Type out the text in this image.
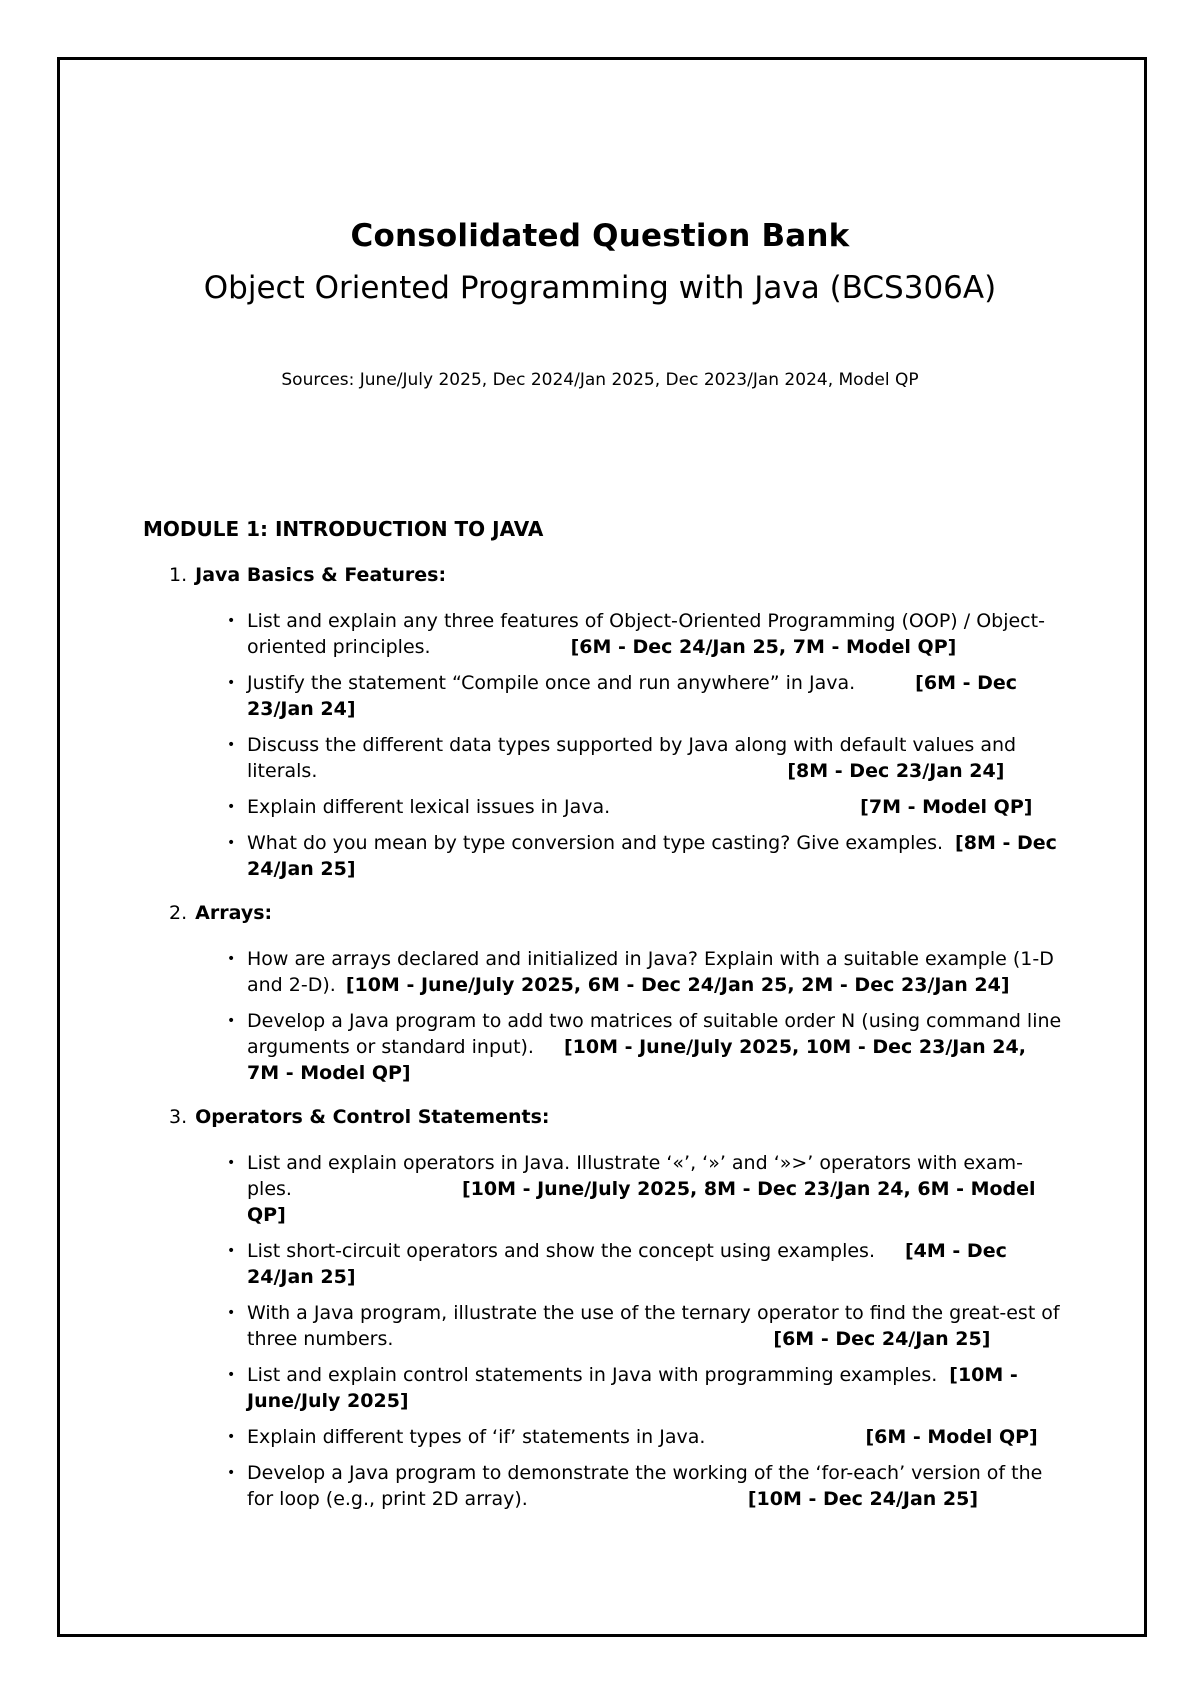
Consolidated Question Bank
Object Oriented Programming with Java (BCS306A)
Sources: June/July 2025, Dec 2024/Jan 2025, Dec 2023/Jan 2024, Model QP
MODULE 1: INTRODUCTION TO JAVA
1. Java Basics & Features:
• List and explain any three features of Object-Oriented Programming (OOP) / Object-oriented principles.	[6M - Dec 24/Jan 25, 7M - Model QP]
• Justify the statement “Compile once and run anywhere” in Java.	[6M - Dec 23/Jan 24]
• Discuss the different data types supported by Java along with default values and literals.	[8M - Dec 23/Jan 24]
• Explain different lexical issues in Java.	[7M - Model QP]
• What do you mean by type conversion and type casting? Give examples. [8M - Dec 24/Jan 25]
2. Arrays:
• How are arrays declared and initialized in Java? Explain with a suitable example (1-D and 2-D). [10M - June/July 2025, 6M - Dec 24/Jan 25, 2M - Dec 23/Jan 24]
• Develop a Java program to add two matrices of suitable order N (using command line arguments or standard input). [10M - June/July 2025, 10M - Dec 23/Jan 24, 7M - Model QP]
3. Operators & Control Statements:
• List and explain operators in Java. Illustrate ‘«’, ‘»’ and ‘»>’ operators with exam-ples.	[10M - June/July 2025, 8M - Dec 23/Jan 24, 6M - Model QP]
• List short-circuit operators and show the concept using examples. [4M - Dec 24/Jan 25]
• With a Java program, illustrate the use of the ternary operator to find the great-est of three numbers.	[6M - Dec 24/Jan 25]
• List and explain control statements in Java with programming examples. [10M - June/July 2025]
• Explain different types of ‘if’ statements in Java.	[6M - Model QP]
• Develop a Java program to demonstrate the working of the ‘for-each’ version of the for loop (e.g., print 2D array).	[10M - Dec 24/Jan 25]
